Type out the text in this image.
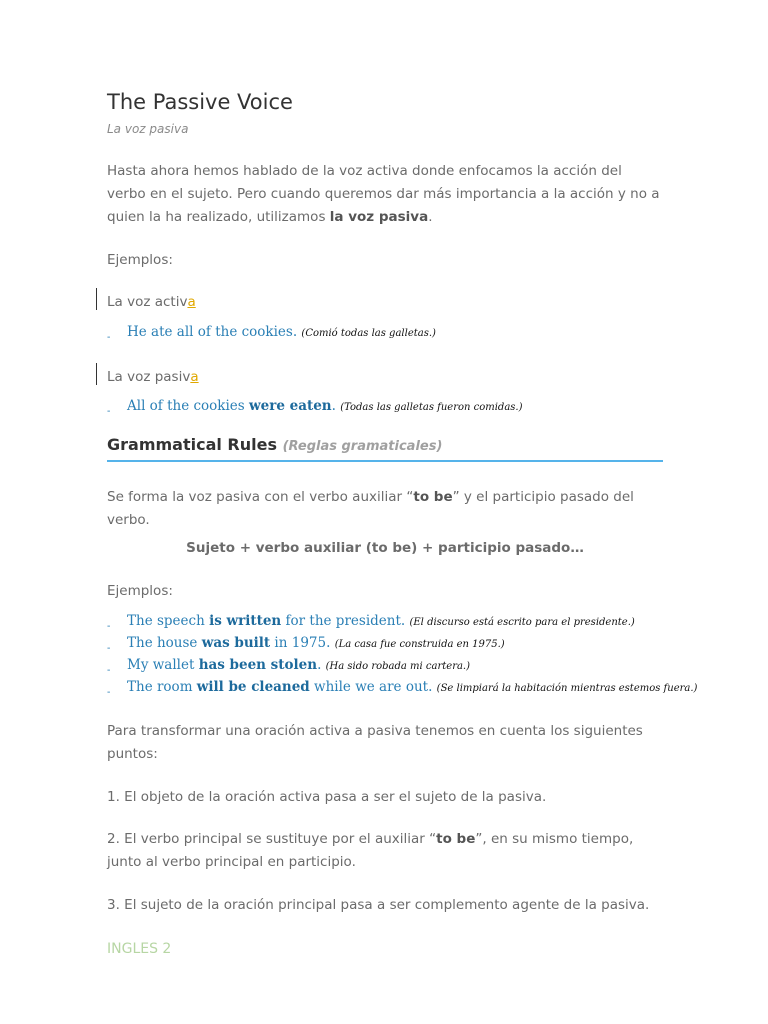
The Passive Voice
La voz pasiva

Hasta ahora hemos hablado de la voz activa donde enfocamos la acción del verbo en el sujeto. Pero cuando queremos dar más importancia a la acción y no a quien la ha realizado, utilizamos la voz pasiva.

Ejemplos:
La voz activa
- He ate all of the cookies. (Comió todas las galletas.)
La voz pasiva
- All of the cookies were eaten. (Todas las galletas fueron comidas.)
Grammatical Rules (Reglas gramaticales)

Se forma la voz pasiva con el verbo auxiliar “to be” y el participio pasado del verbo.

Sujeto + verbo auxiliar (to be) + participio pasado…
Ejemplos:
- The speech is written for the president. (El discurso está escrito para el presidente.)
- The house was built in 1975. (La casa fue construida en 1975.)
- My wallet has been stolen. (Ha sido robada mi cartera.)
- The room will be cleaned while we are out. (Se limpiará la habitación mientras estemos fuera.)

Para transformar una oración activa a pasiva tenemos en cuenta los siguientes puntos:

1. El objeto de la oración activa pasa a ser el sujeto de la pasiva.

2. El verbo principal se sustituye por el auxiliar “to be”, en su mismo tiempo, junto al verbo principal en participio.

3. El sujeto de la oración principal pasa a ser complemento agente de la pasiva.

INGLES 2
